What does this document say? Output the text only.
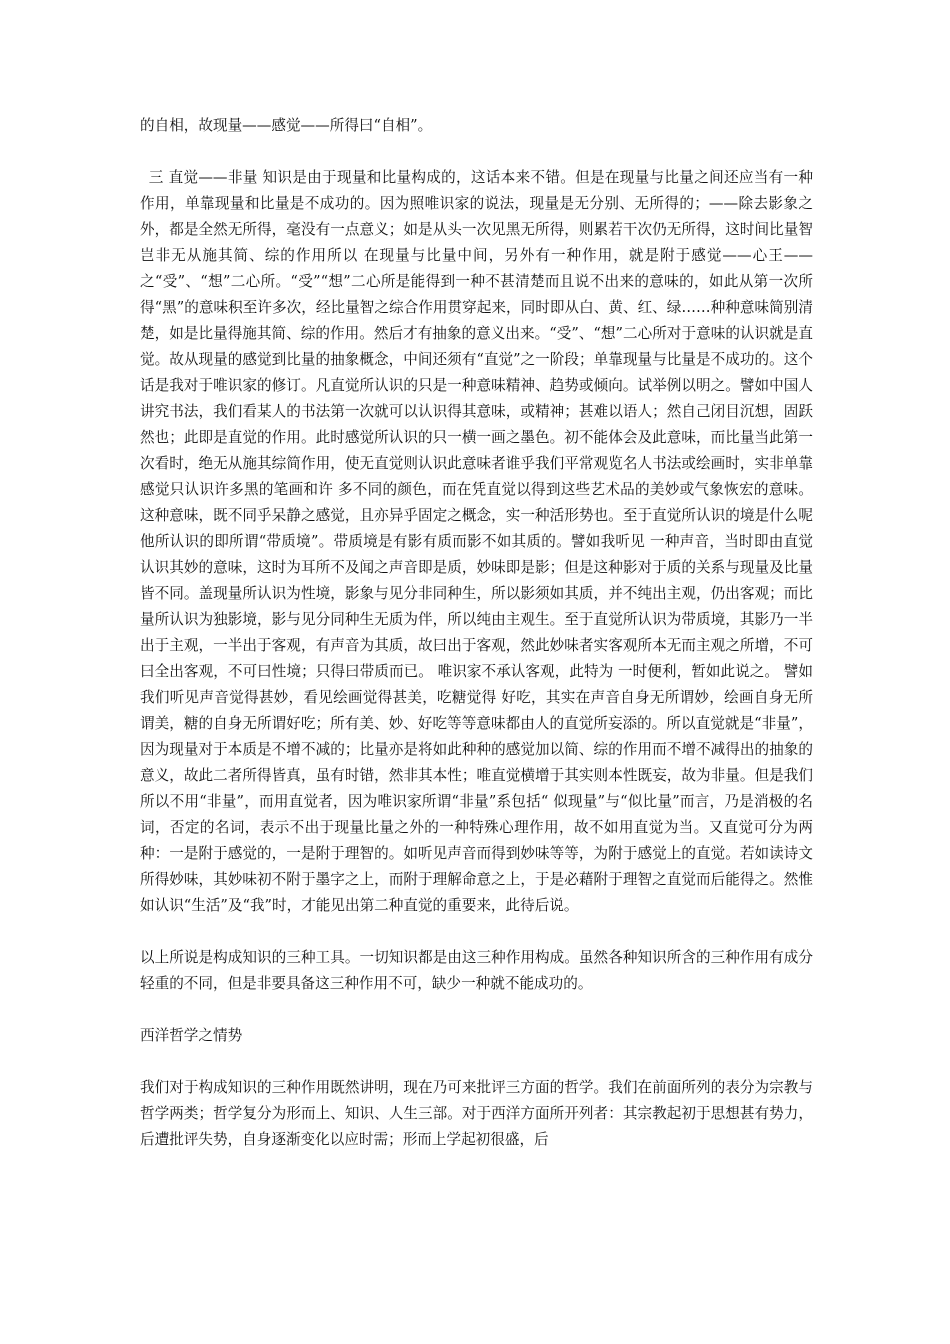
的自相，故现量——感觉——所得曰“自相”。

三 直觉——非量 知识是由于现量和比量构成的，这话本来不错。但是在现量与比量之间还应当有一种作用，单靠现量和比量是不成功的。因为照唯识家的说法，现量是无分别、无所得的；——除去影象之外，都是全然无所得，毫没有一点意义；如是从头一次见黑无所得，则累若干次仍无所得，这时间比量智岂非无从施其简、综的作用所以 在现量与比量中间，另外有一种作用，就是附于感觉——心王——之“受”、“想”二心所。“受”“想”二心所是能得到一种不甚清楚而且说不出来的意味的，如此从第一次所得“黑”的意味积至许多次，经比量智之综合作用贯穿起来，同时即从白、黄、红、绿……种种意味简别清楚，如是比量得施其简、综的作用。然后才有抽象的意义出来。“受”、“想”二心所对于意味的认识就是直觉。故从现量的感觉到比量的抽象概念，中间还须有“直觉”之一阶段；单靠现量与比量是不成功的。这个话是我对于唯识家的修订。凡直觉所认识的只是一种意味精神、趋势或倾向。试举例以明之。譬如中国人讲究书法，我们看某人的书法第一次就可以认识得其意味，或精神；甚难以语人；然自己闭目沉想，固跃然也；此即是直觉的作用。此时感觉所认识的只一横一画之墨色。初不能体会及此意味，而比量当此第一次看时，绝无从施其综简作用，使无直觉则认识此意味者谁乎我们平常观览名人书法或绘画时，实非单靠感觉只认识许多黑的笔画和许 多不同的颜色，而在凭直觉以得到这些艺术品的美妙或气象恢宏的意味。这种意味，既不同乎呆静之感觉，且亦异乎固定之概念，实一种活形势也。至于直觉所认识的境是什么呢他所认识的即所谓“带质境”。带质境是有影有质而影不如其质的。譬如我听见 一种声音，当时即由直觉认识其妙的意味，这时为耳所不及闻之声音即是质，妙味即是影；但是这种影对于质的关系与现量及比量皆不同。盖现量所认识为性境，影象与见分非同种生，所以影须如其质，并不纯出主观，仍出客观；而比量所认识为独影境，影与见分同种生无质为伴，所以纯由主观生。至于直觉所认识为带质境，其影乃一半出于主观，一半出于客观，有声音为其质，故曰出于客观，然此妙味者实客观所本无而主观之所增，不可曰全出客观，不可曰性境；只得曰带质而已。 唯识家不承认客观，此特为 一时便利，暂如此说之。 譬如我们听见声音觉得甚妙，看见绘画觉得甚美，吃糖觉得 好吃，其实在声音自身无所谓妙，绘画自身无所谓美，糖的自身无所谓好吃；所有美、妙、好吃等等意味都由人的直觉所妄添的。所以直觉就是“非量”，因为现量对于本质是不增不减的；比量亦是将如此种种的感觉加以简、综的作用而不增不减得出的抽象的意义，故此二者所得皆真，虽有时错，然非其本性；唯直觉横增于其实则本性既妄，故为非量。但是我们所以不用“非量”，而用直觉者，因为唯识家所谓“非量”系包括“ 似现量”与“似比量”而言，乃是消极的名词，否定的名词，表示不出于现量比量之外的一种特殊心理作用，故不如用直觉为当。又直觉可分为两种：一是附于感觉的，一是附于理智的。如听见声音而得到妙味等等，为附于感觉上的直觉。若如读诗文所得妙味，其妙味初不附于墨字之上，而附于理解命意之上，于是必藉附于理智之直觉而后能得之。然惟如认识“生活”及“我”时，才能见出第二种直觉的重要来，此待后说。

以上所说是构成知识的三种工具。一切知识都是由这三种作用构成。虽然各种知识所含的三种作用有成分轻重的不同，但是非要具备这三种作用不可，缺少一种就不能成功的。

西洋哲学之情势

我们对于构成知识的三种作用既然讲明，现在乃可来批评三方面的哲学。我们在前面所列的表分为宗教与哲学两类；哲学复分为形而上、知识、人生三部。对于西洋方面所开列者：其宗教起初于思想甚有势力，后遭批评失势，自身逐渐变化以应时需；形而上学起初很盛，后
